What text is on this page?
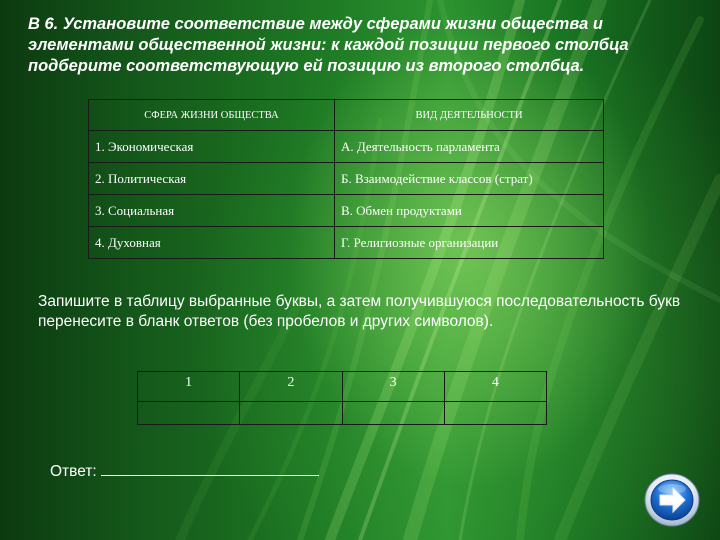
В 6. Установите соответствие между сферами жизни общества и элементами общественной жизни: к каждой позиции первого столбца подберите соответствующую ей позицию из второго столбца.

СФЕРА ЖИЗНИ ОБЩЕСТВА	ВИД ДЕЯТЕЛЬНОСТИ
1. Экономическая	А. Деятельность парламента
2. Политическая	Б. Взаимодействие классов (страт)
3. Социальная	В. Обмен продуктами
4. Духовная	Г. Религиозные организации

Запишите в таблицу выбранные буквы, а затем получившуюся последовательность букв перенесите в бланк ответов (без пробелов и других символов).

1	2	3	4

Ответ:
